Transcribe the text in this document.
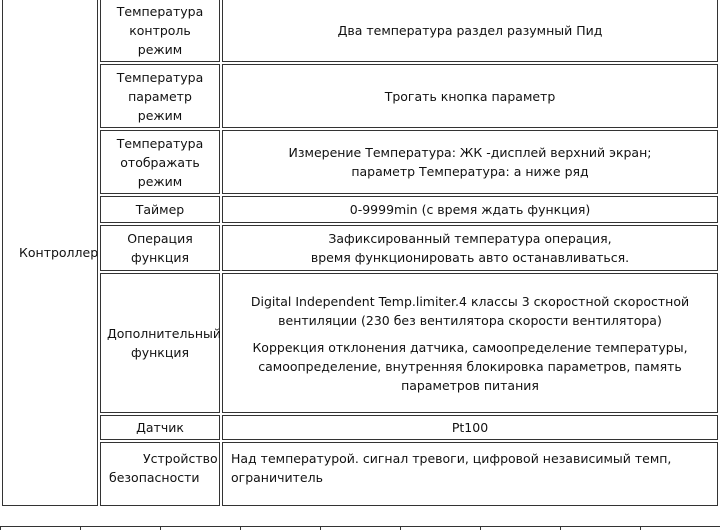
Контроллер	Температура
контроль
режим	Два температура раздел разумный Пид

	Температура
параметр
режим	Трогать кнопка параметр

	Температура
отображать
режим	Измерение Температура: ЖК -дисплей верхний экран;
параметр Температура: а ниже ряд

	Таймер	0-9999min (с время ждать функция)

	Операция
функция	Зафиксированный температура операция,
время функционировать авто останавливаться.

	Дополнительный
функция	Digital Independent Temp.limiter.4 классы 3 скоростной скоростной вентиляции (230 без вентилятора скорости вентилятора)
Коррекция отклонения датчика, самоопределение температуры, самоопределение, внутренняя блокировка параметров, память параметров питания

	Датчик	Pt100

	Устройство
безопасности	Над температурой. сигнал тревоги, цифровой независимый темп, ограничитель
